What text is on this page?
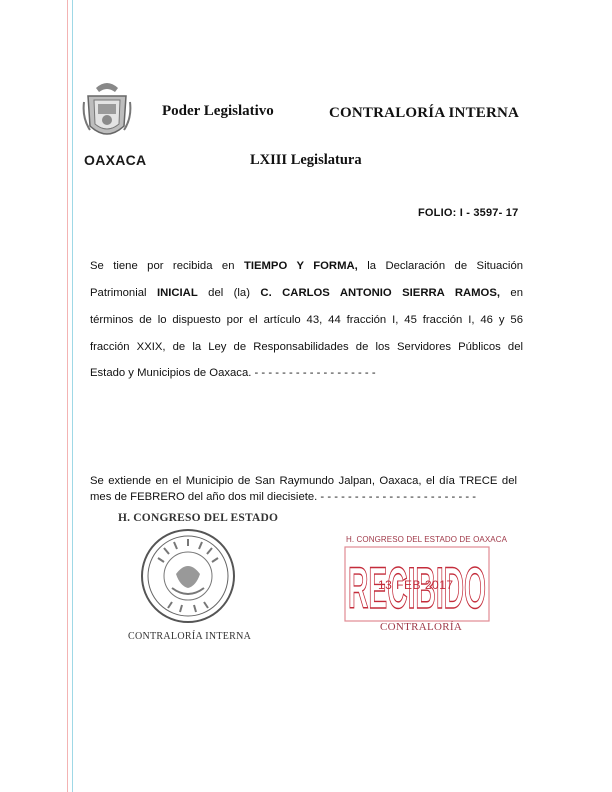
OAXACA
Poder Legislativo	CONTRALORÍA INTERNA
LXIII Legislatura
FOLIO: I - 3597- 17
Se tiene por recibida en TIEMPO Y FORMA, la Declaración de Situación
Patrimonial INICIAL del (la) C. CARLOS ANTONIO SIERRA RAMOS, en
términos de lo dispuesto por el artículo 43, 44 fracción I, 45 fracción I, 46 y 56
fracción XXIX, de la Ley de Responsabilidades de los Servidores Públicos del
Estado y Municipios de Oaxaca. - - - - - - - - - - - - - - - - - -
Se extiende en el Municipio de San Raymundo Jalpan, Oaxaca, el día TRECE del
mes de FEBRERO del año dos mil diecisiete. - - - - - - - - - - - - - - - - - - - - - - -
H. CONGRESO DEL ESTADO
CONTRALORÍA INTERNA
H. CONGRESO DEL ESTADO DE OAXACA
RECIBIDO
13 FEB 2017
CONTRALORÍA
